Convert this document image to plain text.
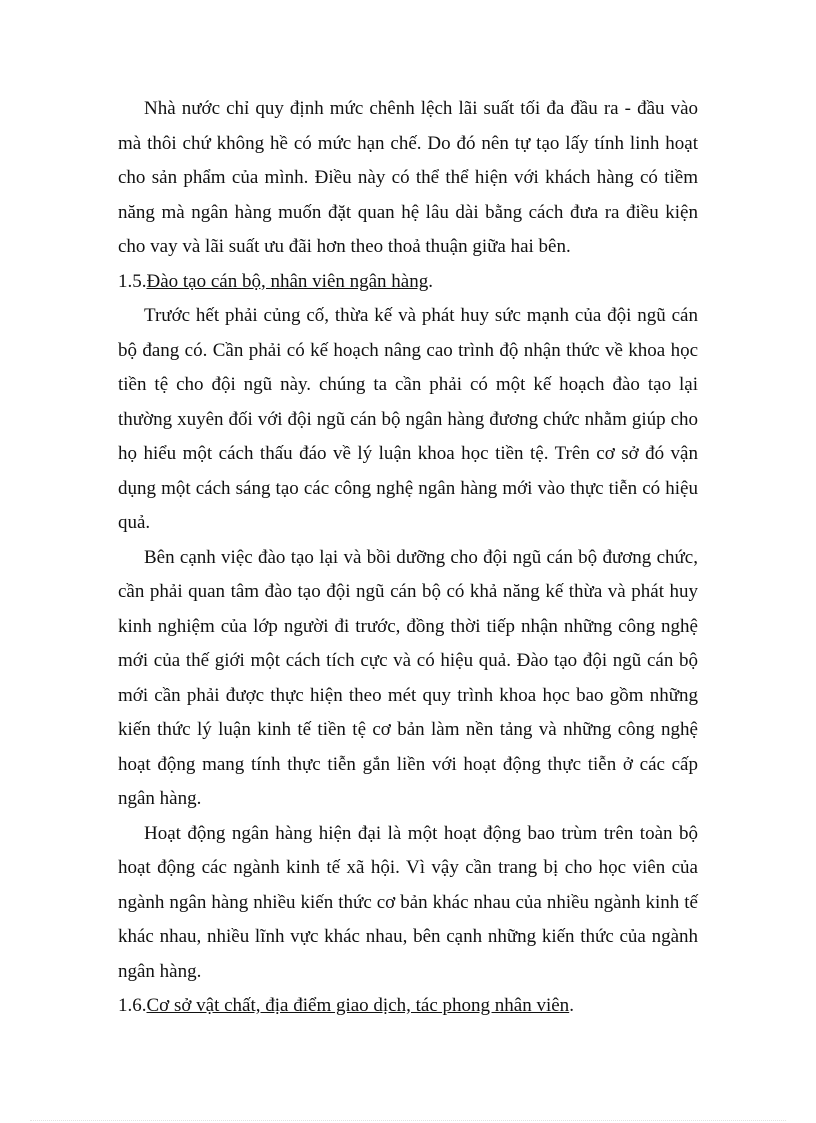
Nhà nước chỉ quy định mức chênh lệch lãi suất tối đa đầu ra - đầu vào mà thôi chứ không hề có mức hạn chế. Do đó nên tự tạo lấy tính linh hoạt cho sản phẩm của mình. Điều này có thể thể hiện với khách hàng có tiềm năng mà ngân hàng muốn đặt quan hệ lâu dài bằng cách đưa ra điều kiện cho vay và lãi suất ưu đãi hơn theo thoả thuận giữa hai bên.

1.5.Đào tạo cán bộ, nhân viên ngân hàng.

Trước hết phải củng cố, thừa kế và phát huy sức mạnh của đội ngũ cán bộ đang có. Cần phải có kế hoạch nâng cao trình độ nhận thức về khoa học tiền tệ cho đội ngũ này. chúng ta cần phải có một kế hoạch đào tạo lại thường xuyên đối với đội ngũ cán bộ ngân hàng đương chức nhằm giúp cho họ hiểu một cách thấu đáo về lý luận khoa học tiền tệ. Trên cơ sở đó vận dụng một cách sáng tạo các công nghệ ngân hàng mới vào thực tiễn có hiệu quả.

Bên cạnh việc đào tạo lại và bồi dưỡng cho đội ngũ cán bộ đương chức, cần phải quan tâm đào tạo đội ngũ cán bộ có khả năng kế thừa và phát huy kinh nghiệm của lớp người đi trước, đồng thời tiếp nhận những công nghệ mới của thế giới một cách tích cực và có hiệu quả. Đào tạo đội ngũ cán bộ mới cần phải được thực hiện theo mét quy trình khoa học bao gồm những kiến thức lý luận kinh tế tiền tệ cơ bản làm nền tảng và những công nghệ hoạt động mang tính thực tiễn gắn liền với hoạt động thực tiễn ở các cấp ngân hàng.

Hoạt động ngân hàng hiện đại là một hoạt động bao trùm trên toàn bộ hoạt động các ngành kinh tế xã hội. Vì vậy cần trang bị cho học viên của ngành ngân hàng nhiều kiến thức cơ bản khác nhau của nhiều ngành kinh tế khác nhau, nhiều lĩnh vực khác nhau, bên cạnh những kiến thức của ngành ngân hàng.

1.6.Cơ sở vật chất, địa điểm giao dịch, tác phong nhân viên.
